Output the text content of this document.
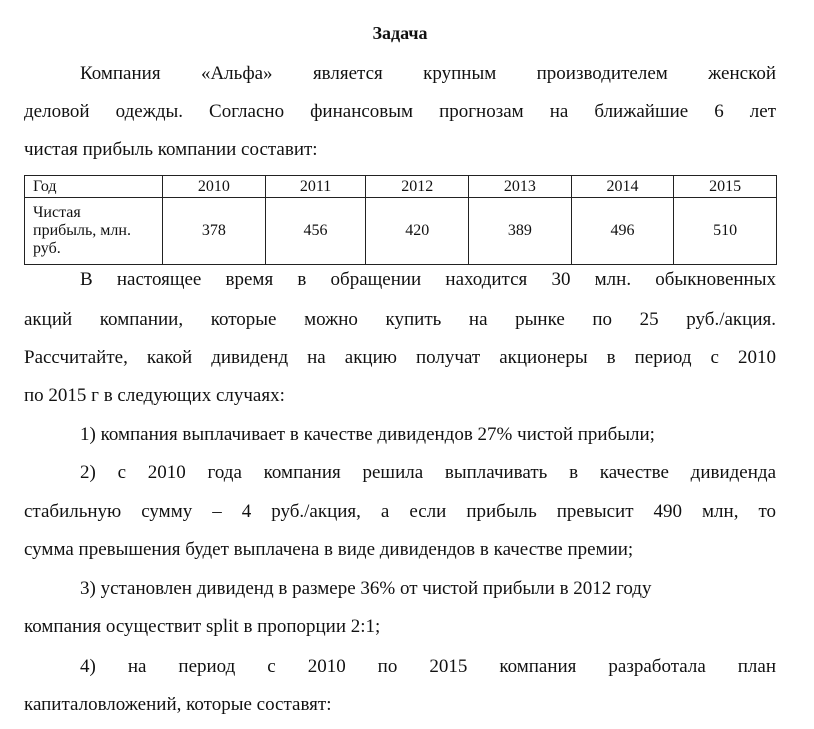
Задача
Компания «Альфа» является крупным производителем женской
деловой одежды. Согласно финансовым прогнозам на ближайшие 6 лет
чистая прибыль компании составит:
Год	2010	2011	2012	2013	2014	2015

Чистая
прибыль, млн.
руб.	378	456	420	389	496	510
В настоящее время в обращении находится 30 млн. обыкновенных
акций компании, которые можно купить на рынке по 25 руб./акция.
Рассчитайте, какой дивиденд на акцию получат акционеры в период с 2010
по 2015 г в следующих случаях:
1) компания выплачивает в качестве дивидендов 27% чистой прибыли;
2) с 2010 года компания решила выплачивать в качестве дивиденда
стабильную сумму – 4 руб./акция, а если прибыль превысит 490 млн, то
сумма превышения будет выплачена в виде дивидендов в качестве премии;
3) установлен дивиденд в размере 36% от чистой прибыли в 2012 году
компания осуществит split в пропорции 2:1;
4) на период с 2010 по 2015 компания разработала план
капиталовложений, которые составят:
